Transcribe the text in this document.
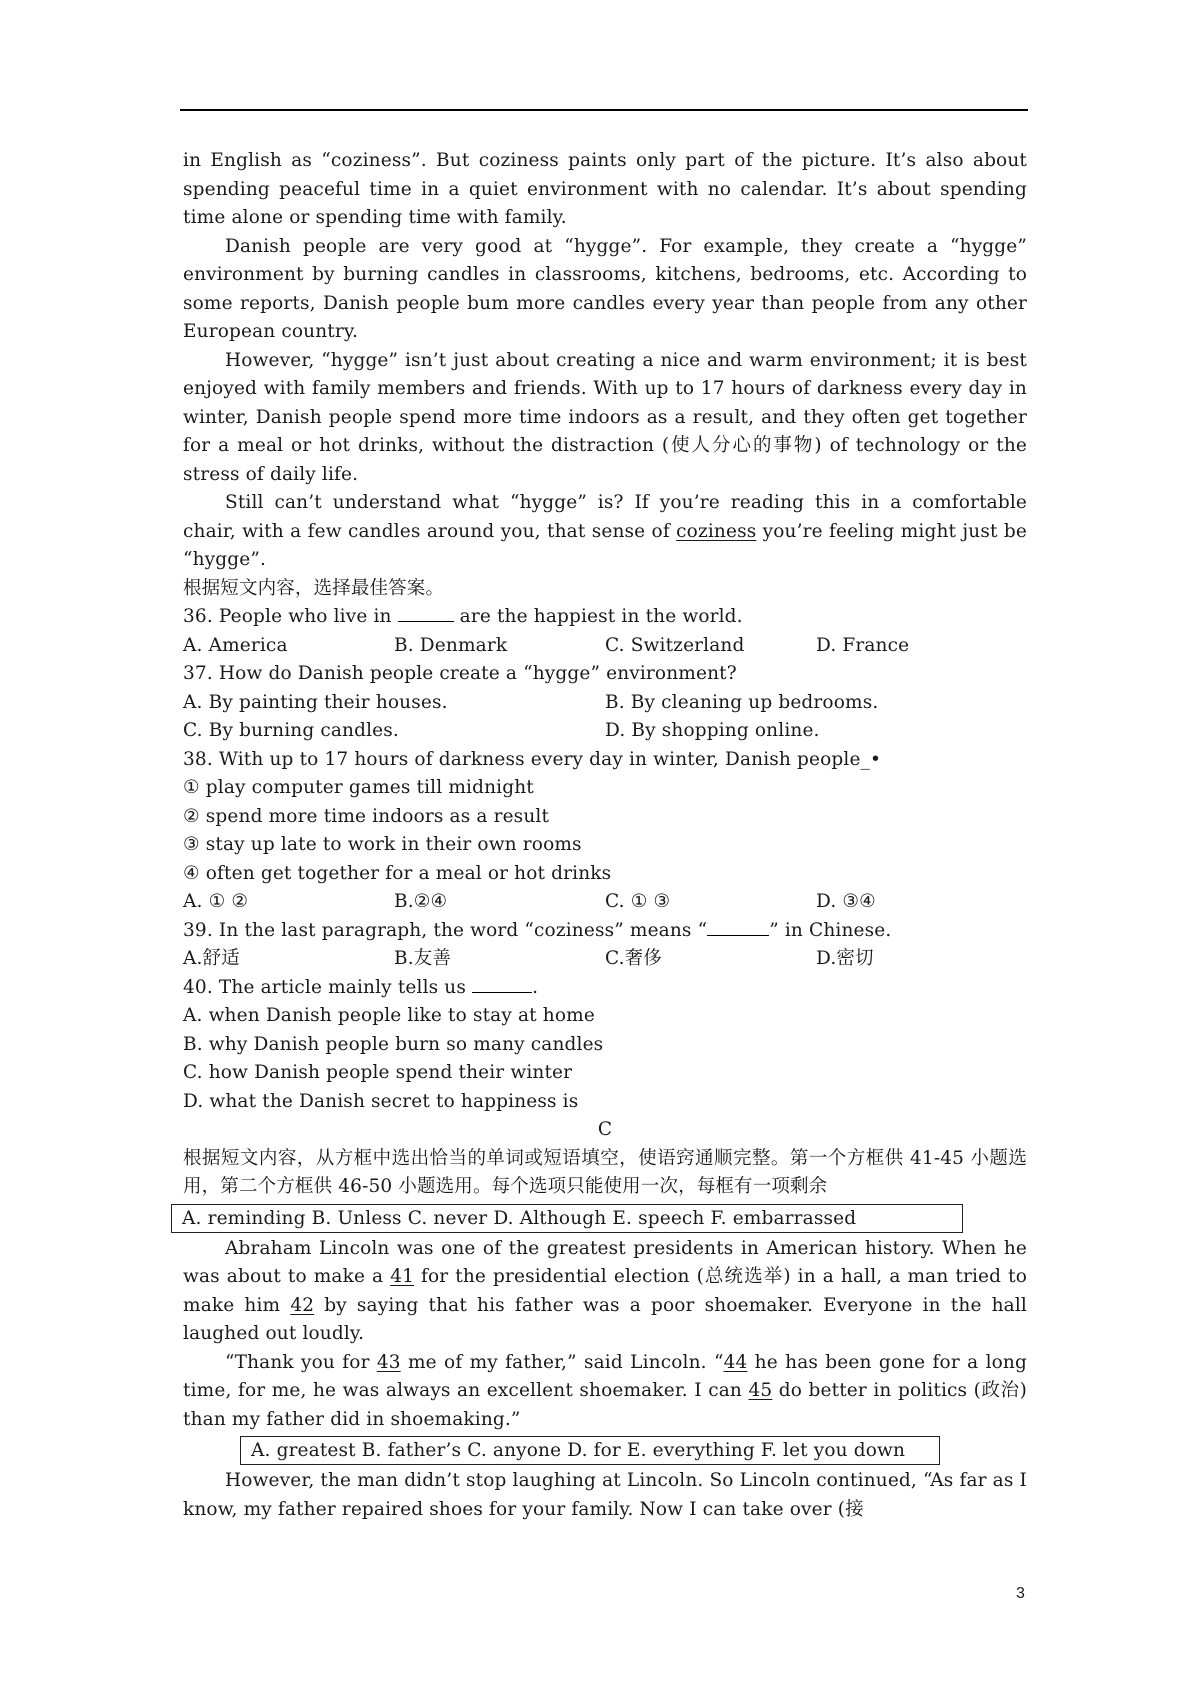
in English as “coziness”. But coziness paints only part of the picture. It’s also about spending peaceful time in a quiet environment with no calendar. It’s about spending time alone or spending time with family.

Danish people are very good at “hygge”. For example, they create a “hygge” environment by burning candles in classrooms, kitchens, bedrooms, etc. According to some reports, Danish people bum more candles every year than people from any other European country.

However, “hygge” isn’t just about creating a nice and warm environment; it is best enjoyed with family members and friends. With up to 17 hours of darkness every day in winter, Danish people spend more time indoors as a result, and they often get together for a meal or hot drinks, without the distraction (使人分心的事物) of technology or the stress of daily life.

Still can’t understand what “hygge” is? If you’re reading this in a comfortable chair, with a few candles around you, that sense of coziness you’re feeling might just be “hygge”.

根据短文内容，选择最佳答案。

36. People who live in	are the happiest in the world.

A. America	B. Denmark	C. Switzerland	D. France

37. How do Danish people create a “hygge” environment?

A. By painting their houses.	B. By cleaning up bedrooms.
C. By burning candles.	D. By shopping online.

38. With up to 17 hours of darkness every day in winter, Danish people_•

① play computer games till midnight

② spend more time indoors as a result

③ stay up late to work in their own rooms

④ often get together for a meal or hot drinks

A. ① ②	B.②④	C. ① ③	D. ③④

39. In the last paragraph, the word “coziness” means “	” in Chinese.

A.舒适	B.友善	C.奢侈	D.密切

40. The article mainly tells us	.

A. when Danish people like to stay at home

B. why Danish people burn so many candles

C. how Danish people spend their winter

D. what the Danish secret to happiness is

C

根据短文内容，从方框中选出恰当的单词或短语填空，使语窍通顺完整。第一个方框供 41-45 小题选用，第二个方框供 46-50 小题选用。每个选项只能使用一次，每框有一项剩余

A. reminding B. Unless C. never D. Although E. speech F. embarrassed

Abraham Lincoln was one of the greatest presidents in American history. When he was about to make a 41 for the presidential election (总统选举) in a hall, a man tried to make him 42 by saying that his father was a poor shoemaker. Everyone in the hall laughed out loudly.

“Thank you for 43 me of my father,” said Lincoln. “44 he has been gone for a long time, for me, he was always an excellent shoemaker. I can 45 do better in politics (政治) than my father did in shoemaking.”

A. greatest B. father’s C. anyone D. for E. everything F. let you down

However, the man didn’t stop laughing at Lincoln. So Lincoln continued, “As far as I know, my father repaired shoes for your family. Now I can take over (接

3
